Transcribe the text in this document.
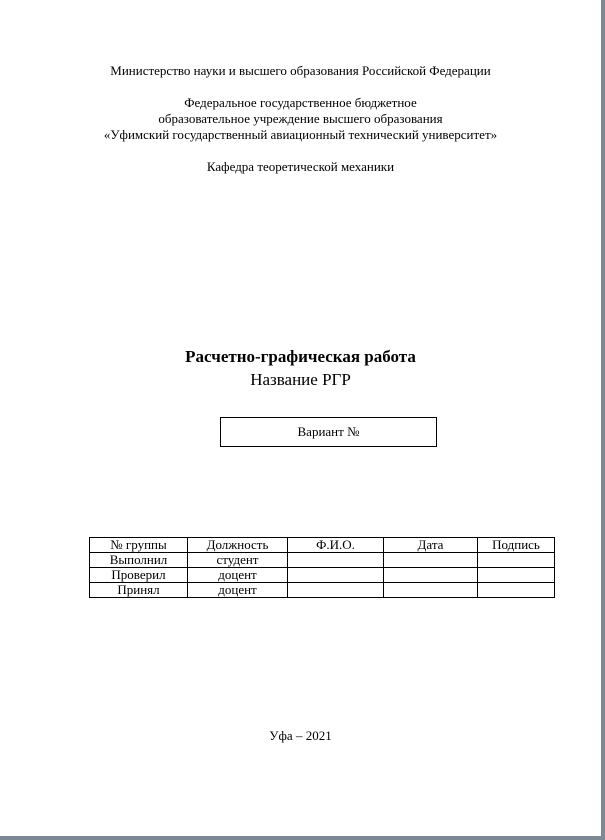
Министерство науки и высшего образования Российской Федерации
Федеральное государственное бюджетное
образовательное учреждение высшего образования
«Уфимский государственный авиационный технический университет»
Кафедра теоретической механики
Расчетно-графическая работа
Название РГР
Вариант №
№ группы	Должность	Ф.И.О.	Дата	Подпись
Выполнил	студент			
Проверил	доцент			
Принял	доцент			
Уфа – 2021
